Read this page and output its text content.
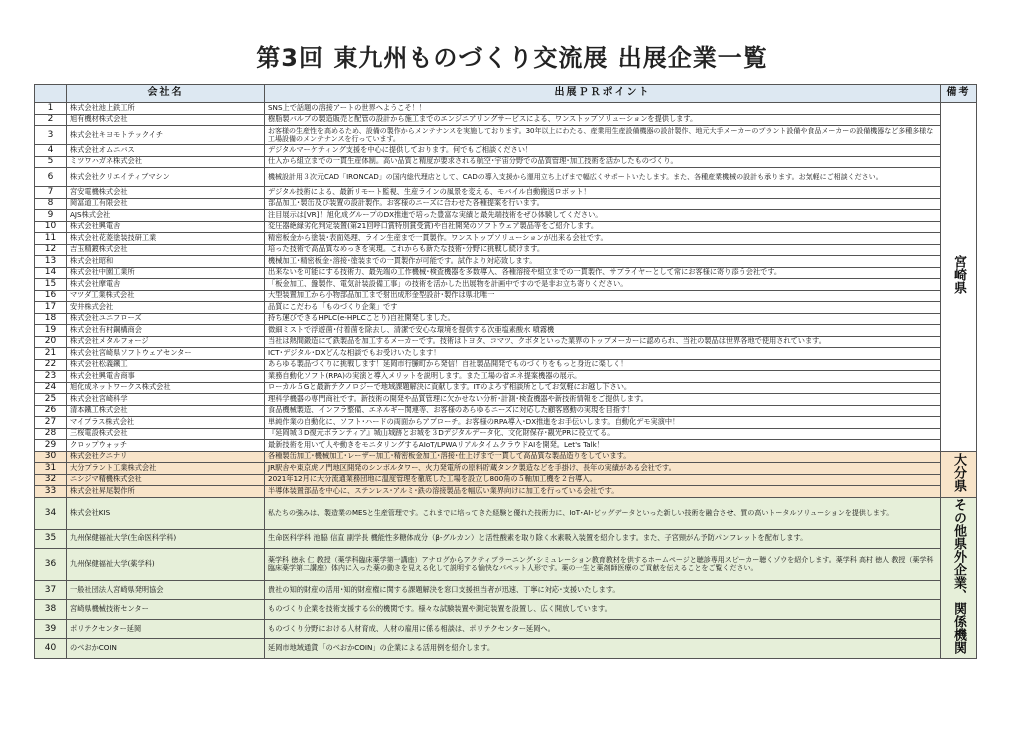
第3回 東九州ものづくり交流展 出展企業一覧
	会社名	出展ＰＲポイント	備考
1	株式会社池上鉄工所	SNS上で話題の溶接アートの世界へようこそ！！	宮崎県
2	旭有機材株式会社	樹脂製バルブの製造販売と配管の設計から施工までのエンジニアリングサービスによる、ワンストップソリューションを提供します。	
3	株式会社キヨモトテックイチ	お客様の生産性を高めるため、設備の製作からメンテナンスを実施しております。30年以上にわたる、産業用生産設備機器の設計製作、地元大手メーカーのプラント設備や食品メーカーの設備機器など多種多様な工場設備のメンテナンスを行っています。	
4	株式会社オムニバス	デジタルマーケティング支援を中心に提供しております。何でもご相談ください！	
5	ミツワハガネ株式会社	仕入から組立までの一貫生産体制。高い品質と精度が要求される航空･宇宙分野での品質管理･加工技術を活かしたものづくり。	
6	株式会社クリエイティブマシン	機械設計用３次元CAD「IRONCAD」の国内総代理店として、CADの導入支援から運用立ち上げまで幅広くサポートいたします。また、各種産業機械の設計も承ります。お気軽にご相談ください。	
7	宮安電機株式会社	デジタル技術による、最新リモート監視、生産ラインの風景を変える、モバイル自動搬送ロボット！	
8	岡冨道工有限会社	部品加工･製缶及び装置の設計製作。お客様のニーズに合わせた各種提案を行います。	
9	AJS株式会社	注目展示は[VR]！旭化成グループのDX推進で培った豊富な実績と最先端技術をぜひ体験してください。	
10	株式会社興電舎	変圧器絶縁劣化判定装置(第21回呼口賞特別賞受賞)や自社開発のソフトウェア製品等をご紹介します。	
11	株式会社花菱塗装技研工業	精密板金から塗装･表面処理、ライン生産まで一貫製作。ワンストップソリューションが出来る会社です。	
12	吉玉精鍍株式会社	培った技術で高品質なめっきを実現。これからも新たな技術･分野に挑戦し続けます。	
13	株式会社昭和	機械加工･精密板金･溶接･塗装までの一貫製作が可能です。試作より対応致します。	
14	株式会社中園工業所	出来ないを可能にする技術力、最先端の工作機械･検査機器を多数導入、各種溶接や組立までの一貫製作、サプライヤーとして常にお客様に寄り添う会社です。	
15	株式会社摩電舎	「板金加工、盤製作、電気計装設備工事」の技術を活かした出展物を計画中ですので是非お立ち寄りください。	
16	マツダ工業株式会社	大型装置加工から小物部品加工まで射出成形金型設計･製作は県北唯一	
17	安井株式会社	品質にこだわる「ものづくり企業」です	
18	株式会社ユニフローズ	持ち運びできるHPLC(e-HPLCことり)自社開発しました。	
19	株式会社有村鋼構商会	微細ミストで浮遊菌･付着菌を除去し、清潔で安心な環境を提供する次亜塩素酸水 噴霧機	
20	株式会社メタルフォージ	当社は熱間鍛造にて鉄製品を加工するメーカーです。技術はトヨタ、コマツ、クボタといった業界のトップメーカーに認められ、当社の製品は世界各地で使用されています。	
21	株式会社宮崎県ソフトウェアセンター	ICT･デジタル･DXどんな相談でもお受けいたします！	
22	株式会社松義鐵工	あらゆる製品づくりに挑戦します！延岡市行縢町から発信！自社製品開発でものづくりをもっと身近に楽しく！	
23	株式会社興電舎商事	業務自動化ソフト(RPA)の実演と導入メリットを説明します。また工場の省エネ提案機器の展示。	
24	旭化成ネットワークス株式会社	ローカル５Gと最新テクノロジーで地域課題解決に貢献します。ITのよろず相談所としてお気軽にお越し下さい。	
25	株式会社宮崎科学	理科学機器の専門商社です。新技術の開発や品質管理に欠かせない分析･計測･検査機器や新技術情報をご提供します。	
26	清本鐵工株式会社	食品機械製造、インフラ整備、エネルギー関連等、お客様のあらゆるニーズに対応した顧客感動の実現を目指す！	
27	マイプラス株式会社	単純作業の自動化に、ソフト･ハードの両面からアプローチ。お客様のRPA導入･DX推進をお手伝いします。自動化デモ実演中！	
28	三桜電設株式会社	『延岡城３D復元ボランティア』城山城跡とお城を３Dデジタルデータ化、文化財保存･観光PRに役立てる。	
29	クロップウォッチ	最新技術を用いて人や動きをモニタリングするAIoT/LPWAリアルタイムクラウドAIを開発。Let's Talk！	
30	株式会社クニナリ	各種製缶加工･機械加工･レーザー加工･精密板金加工･溶接･仕上げまで一貫して高品質な製品造りをしています。	大分県
31	大分プラント工業株式会社	JR駅舎や東京虎ノ門地区開発のシンボルタワー、火力発電所の原料貯蔵タンク製造などを手掛け、長年の実績がある会社です。	
32	ニシジマ精機株式会社	2021年12月に大分流通業務団地に温度管理を徹底した工場を設立し800角の５軸加工機を２台導入。	
33	株式会社昇尾製作所	半導体装置部品を中心に、ステンレス･アルミ･鉄の溶接製品を幅広い業界向けに加工を行っている会社です。	
34	株式会社KIS	私たちの強みは、製造業のMESと生産管理です。これまでに培ってきた経験と優れた技術力に、IoT･AI･ビッグデータといった新しい技術を融合させ、質の高いトータルソリューションを提供します。	その他県外企業、関係機関
35	九州保健福祉大学(生命医科学科)	生命医科学科 池脇 信直 副学長 機能性多糖体成分（β-グルカン）と活性酸素を取り除く水素吸入装置を紹介します。また、子宮頸がん予防パンフレットを配布します。	
36	九州保健福祉大学(薬学科)	薬学科 徳永 仁 教授（薬学科臨床薬学第一講座）アナログからアクティブラーニング･シミュレーション教育教材を供するホームページと聴診専用スピーカー聴くゾウを紹介します。薬学科 高村 徳人 教授（薬学科臨床薬学第二講座）体内に入った薬の動きを見える化して説明する愉快なパペット人形です。薬の一生と薬剤師医療のご貢献を伝えることをご覧ください。	
37	一般社団法人宮崎県発明協会	貴社の知的財産の活用･知的財産権に関する課題解決を窓口支援担当者が迅速、丁寧に対応･支援いたします。	
38	宮崎県機械技術センター	ものづくり企業を技術支援する公的機関です。様々な試験装置や測定装置を設置し、広く開放しています。	
39	ポリテクセンター延岡	ものづくり分野における人材育成、人材の雇用に係る相談は、ポリテクセンター延岡へ。	
40	のべおかCOIN	延岡市地域通貨「のべおかCOIN」の企業による活用例を紹介します。	
